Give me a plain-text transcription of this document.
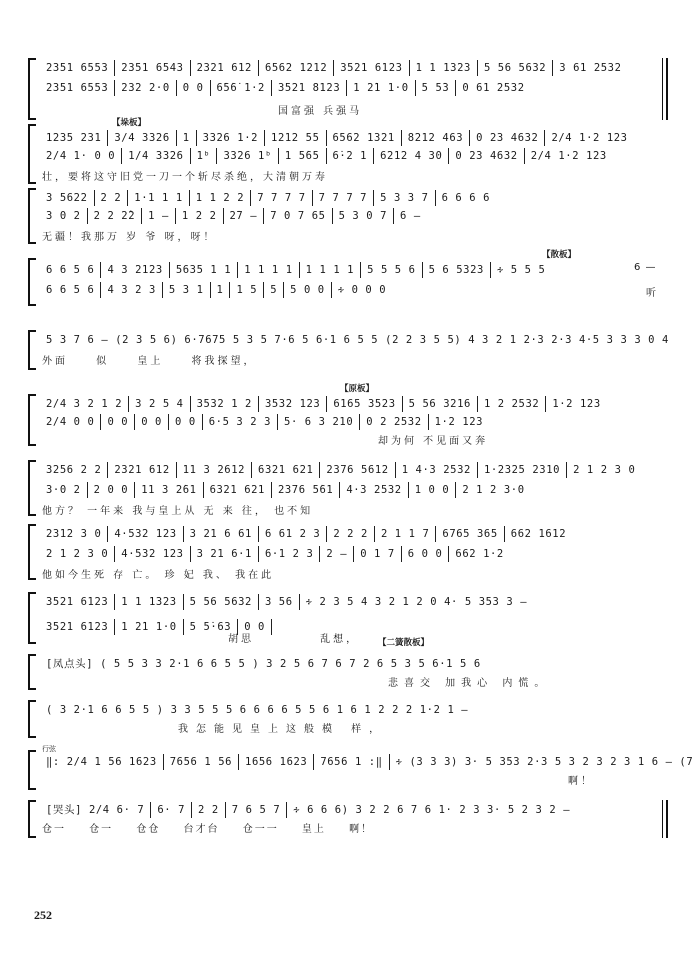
2351 6553 2351 6543 2321 612 6562 1212 3521 6123 1 1 1323 5 56 5632 3 61 2532
2351 6553 232 2·0 0 0 6̇5̇6̇ 1·2 3521 8123 1 2̇1 1·0 5 5̇3 0 61 2532
国富强 兵强马
【垛板】
1235 231 3/4 3326 1 3326 1·2 1212 55 6562 1321 8212 463 0 23 4632 2/4 1·2 123
2/4 1· 0 0 1/4 3326 1ᵇ 3326 1ᵇ 1 5̇65 6̇·2 1 6212 4 30 0 23 4632 2/4 1·2 123
壮，要将这守旧党一刀一个斩尽杀绝，大清朝万寿
3 5622 2 2 1·1 1 1 1 1 2 2 7 7 7 7 7 7 7 7 5 3 3 7 6 6 6 6
3 0 2 2 2 2̂2 1 —1 2 2 2̇7 — 7 0 7 65 5 3 0 7 6 —
无疆！我那万 岁 爷 呀，呀！
【散板】
6 6 5 6 4 3 2123 5635 1 1 1 1 1 1 1 1 1 1 5 5 5 6 5 6 5323 ∻ 5 5 5
6 6 5 6 4 3 2 3 5 3 1 1 1 5 5 5 0 0 ∻ 0 0 0
6 —
听
5 3 7 6 — (2 3 5 6) 6·7675 5 3 5 7·6 5 6·1 6 5 5 (2 2 3 5 5) 4 3 2 1 2·3 2·3 4·5 3 3 3 0 4
外面 似 皇上 将我探望，
【原板】
2/4 3 2 1 2 3 2 5 4 3532 1 2 3532 123 6165 3523 5 56 3216 1 2 2532 1·2 123
2/4 0 0 0 0 0 0 0 0 6·5 3 2 3 5· 6 3 210 0 2 2532 1·2 123
却为何 不见面又奔
3256 2 2 2321 612 11 3 2612 6321 621 2376 5612 1 4·3 2532 1·2325 2310 2 1 2 3 0
3·0 2 2 0 0 11 3 2̇61 6321 621 2376 5̇61 4·3 2532 1 0 0 2 1 2 3·0
他方？ 一年来 我与皇上从 无 来 往， 也不知
2312 3 0 4·532 123 3 21 6 61 6 61 2 3 2 2 2 2 1 1 7 6765 365 662 1612
2 1 2 3 0 4·532 123 3 21 6·1 6·1 2 3 2 — 0 1 7 6 0 0 662 1·2
他如今生死 存 亡。 珍 妃 我、 我在此
3521 6123 1 1 1323 5 56 5632 3 56 ∻ 2 3 5 4 3 2 1 2 0 4· 5 353 3 —
3521 6123 1 2̇1 1·0 5 5̇·63 0 0
胡思 乱想，	【二簧散板】
[凤点头] ( 5 5 3 3 2·1 6 6 5 5 ) 3 2 5 6 7 6 7 2 6 5 3 5 6·1 5 6
悲喜交 加我心 内慌。
( 3 2·1 6 6 5 5 ) 3 3 5 5 5 6 6 6 6 5 5 6 1 6 1 2 2 2 1·2 1 —
我怎能见皇上这般模 样，
行弦
‖: 2/4 1 56 1623 7656 1 56 1656 1623 7656 1 :‖ ∻ (3 3 3) 3· 5 353 2·3 5 3 2 3 2 3 1 6 — (7
啊！
[哭头] 2/4 6· 7 6· 7 2 2 7 6 5 7 ∻ 6 6 6) 3 2 2 6 7 6 1· 2 3 3· 5 2 3 2 —
仓一 仓一 仓仓 台才台 仓一一 皇上 啊！
252
